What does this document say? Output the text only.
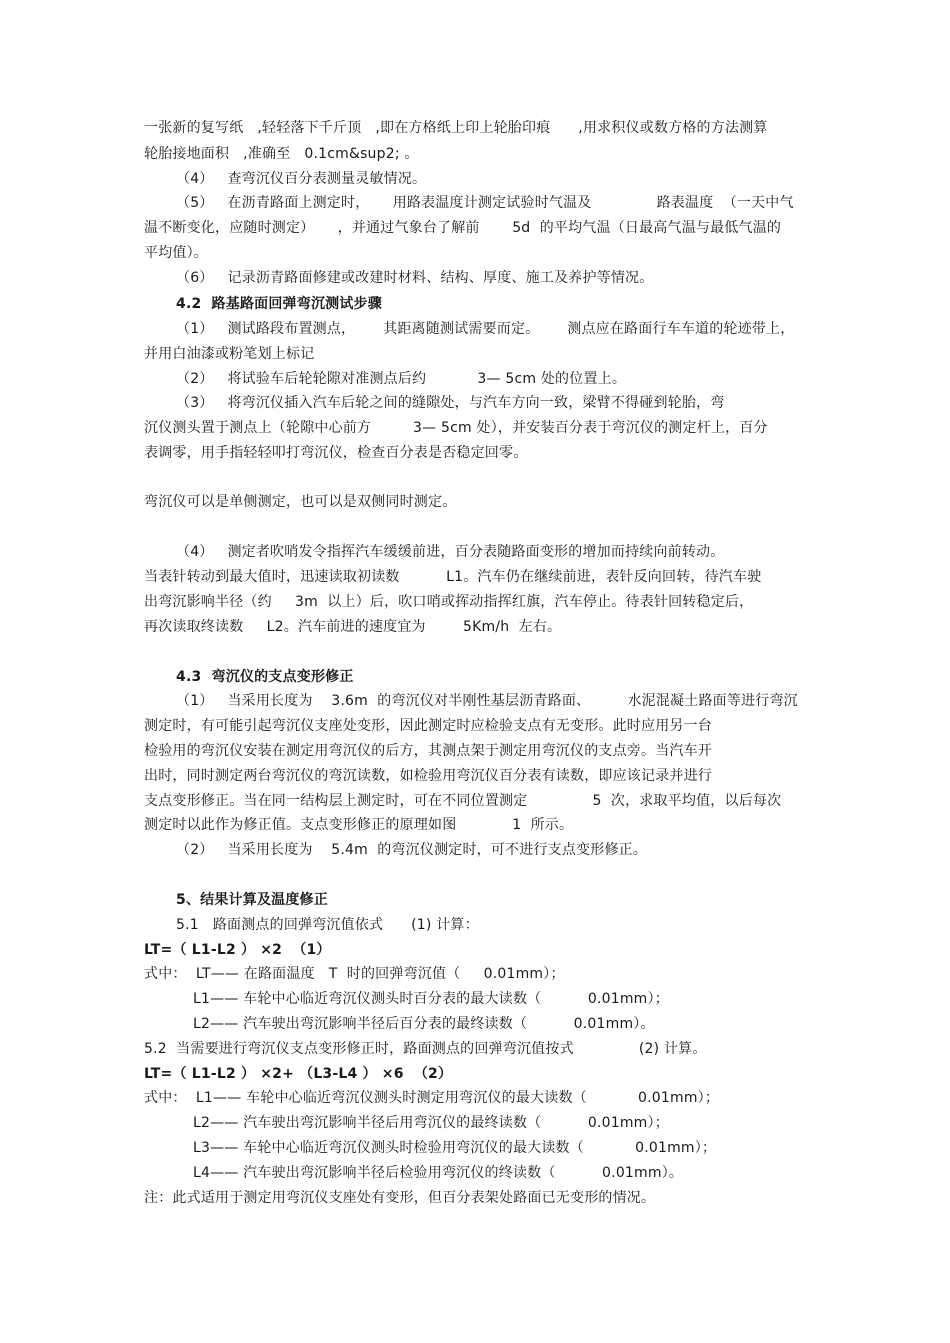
一张新的复写纸   ,轻轻落下千斤顶   ,即在方格纸上印上轮胎印痕      ,用求积仪或数方格的方法测算
轮胎接地面积   ,准确至   0.1cm&sup2; 。
（4）   查弯沉仪百分表测量灵敏情况。
（5）   在沥青路面上测定时，     用路表温度计测定试验时气温及              路表温度  （一天中气
温不断变化，应随时测定）     ，并通过气象台了解前       5d  的平均气温（日最高气温与最低气温的
平均值）。
（6）   记录沥青路面修建或改建时材料、结构、厚度、施工及养护等情况。
4.2  路基路面回弹弯沉测试步骤
（1）   测试路段布置测点，      其距离随测试需要而定。      测点应在路面行车车道的轮迹带上，
并用白油漆或粉笔划上标记
（2）   将试验车后轮轮隙对准测点后约           3— 5cm 处的位置上。
（3）   将弯沉仪插入汽车后轮之间的缝隙处，与汽车方向一致，梁臂不得碰到轮胎，弯
沉仪测头置于测点上（轮隙中心前方         3— 5cm 处），并安装百分表于弯沉仪的测定杆上，百分
表调零，用手指轻轻叩打弯沉仪，检查百分表是否稳定回零。
弯沉仪可以是单侧测定，也可以是双侧同时测定。
（4）   测定者吹哨发令指挥汽车缓缓前进，百分表随路面变形的增加而持续向前转动。
当表针转动到最大值时，迅速读取初读数          L1。汽车仍在继续前进，表针反向回转，待汽车驶
出弯沉影响半径（约     3m  以上）后，吹口哨或挥动指挥红旗，汽车停止。待表针回转稳定后，
再次读取终读数     L2。汽车前进的速度宜为        5Km/h  左右。
4.3  弯沉仪的支点变形修正
（1）   当采用长度为    3.6m  的弯沉仪对半刚性基层沥青路面、        水泥混凝土路面等进行弯沉
测定时，有可能引起弯沉仪支座处变形，因此测定时应检验支点有无变形。此时应用另一台
检验用的弯沉仪安装在测定用弯沉仪的后方，其测点架于测定用弯沉仪的支点旁。当汽车开
出时，同时测定两台弯沉仪的弯沉读数，如检验用弯沉仪百分表有读数，即应该记录并进行
支点变形修正。当在同一结构层上测定时，可在不同位置测定              5  次，求取平均值，以后每次
测定时以此作为修正值。支点变形修正的原理如图            1  所示。
（2）   当采用长度为    5.4m  的弯沉仪测定时，可不进行支点变形修正。
5、结果计算及温度修正
5.1   路面测点的回弹弯沉值依式      (1) 计算：
LT=（ L1-L2 ） ×2  （1）
式中：  LT—— 在路面温度   T  时的回弹弯沉值（     0.01mm）；
L1—— 车轮中心临近弯沉仪测头时百分表的最大读数（          0.01mm）；
L2—— 汽车驶出弯沉影响半径后百分表的最终读数（          0.01mm）。
5.2  当需要进行弯沉仪支点变形修正时，路面测点的回弹弯沉值按式              (2) 计算。
LT=（ L1-L2 ） ×2+ （L3-L4 ） ×6  （2）
式中：  L1—— 车轮中心临近弯沉仪测头时测定用弯沉仪的最大读数（           0.01mm）；
L2—— 汽车驶出弯沉影响半径后用弯沉仪的最终读数（          0.01mm）；
L3—— 车轮中心临近弯沉仪测头时检验用弯沉仪的最大读数（           0.01mm）；
L4—— 汽车驶出弯沉影响半径后检验用弯沉仪的终读数（          0.01mm）。
注：此式适用于测定用弯沉仪支座处有变形，但百分表架处路面已无变形的情况。
